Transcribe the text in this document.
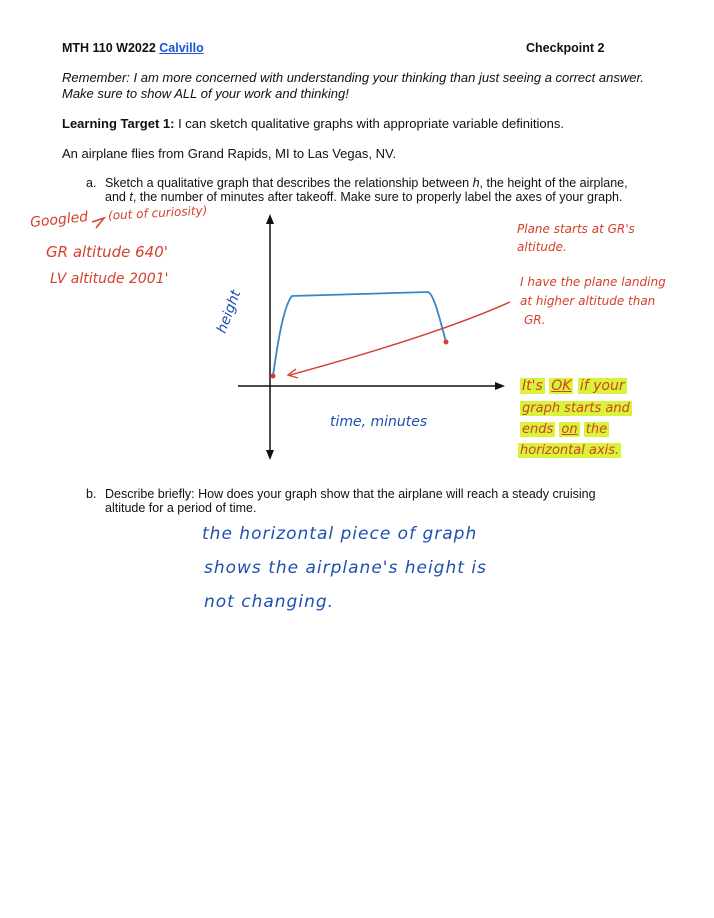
MTH 110 W2022 Calvillo	Checkpoint 2
Remember: I am more concerned with understanding your thinking than just seeing a correct answer.
Make sure to show ALL of your work and thinking!
Learning Target 1: I can sketch qualitative graphs with appropriate variable definitions.
An airplane flies from Grand Rapids, MI to Las Vegas, NV.
a. Sketch a qualitative graph that describes the relationship between h, the height of the airplane,
and t, the number of minutes after takeoff. Make sure to properly label the axes of your graph.
Googled (out of curiosity)
GR altitude 640'
LV altitude 2001'
height
time, minutes
Plane starts at GR's
altitude.
I have the plane landing
at higher altitude than
GR.
It's OK if your
graph starts and
ends on the
horizontal axis.
b. Describe briefly: How does your graph show that the airplane will reach a steady cruising
altitude for a period of time.
the horizontal piece of graph
shows the airplane's height is
not changing.
